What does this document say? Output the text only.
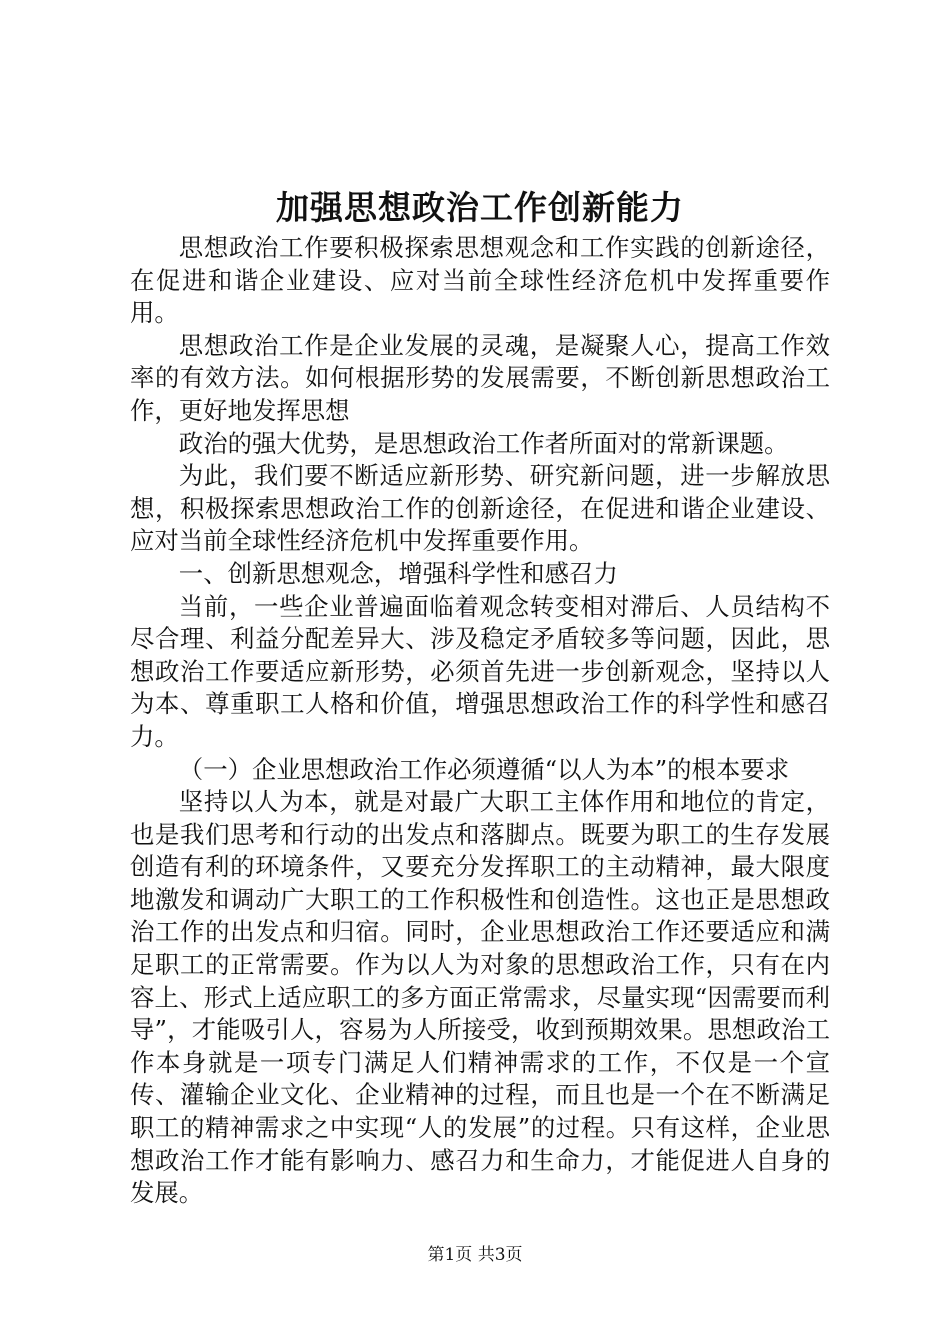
加强思想政治工作创新能力

思想政治工作要积极探索思想观念和工作实践的创新途径，在促进和谐企业建设、应对当前全球性经济危机中发挥重要作用。

思想政治工作是企业发展的灵魂，是凝聚人心，提高工作效率的有效方法。如何根据形势的发展需要，不断创新思想政治工作，更好地发挥思想

政治的强大优势，是思想政治工作者所面对的常新课题。

为此，我们要不断适应新形势、研究新问题，进一步解放思想，积极探索思想政治工作的创新途径，在促进和谐企业建设、应对当前全球性经济危机中发挥重要作用。

一、创新思想观念，增强科学性和感召力

当前，一些企业普遍面临着观念转变相对滞后、人员结构不尽合理、利益分配差异大、涉及稳定矛盾较多等问题，因此，思想政治工作要适应新形势，必须首先进一步创新观念，坚持以人为本、尊重职工人格和价值，增强思想政治工作的科学性和感召力。

（一）企业思想政治工作必须遵循“以人为本”的根本要求

坚持以人为本，就是对最广大职工主体作用和地位的肯定，也是我们思考和行动的出发点和落脚点。既要为职工的生存发展创造有利的环境条件，又要充分发挥职工的主动精神，最大限度地激发和调动广大职工的工作积极性和创造性。这也正是思想政治工作的出发点和归宿。同时，企业思想政治工作还要适应和满足职工的正常需要。作为以人为对象的思想政治工作，只有在内容上、形式上适应职工的多方面正常需求，尽量实现“因需要而利导”，才能吸引人，容易为人所接受，收到预期效果。思想政治工作本身就是一项专门满足人们精神需求的工作，不仅是一个宣传、灌输企业文化、企业精神的过程，而且也是一个在不断满足职工的精神需求之中实现“人的发展”的过程。只有这样，企业思想政治工作才能有影响力、感召力和生命力，才能促进人自身的发展。

第1页 共3页
